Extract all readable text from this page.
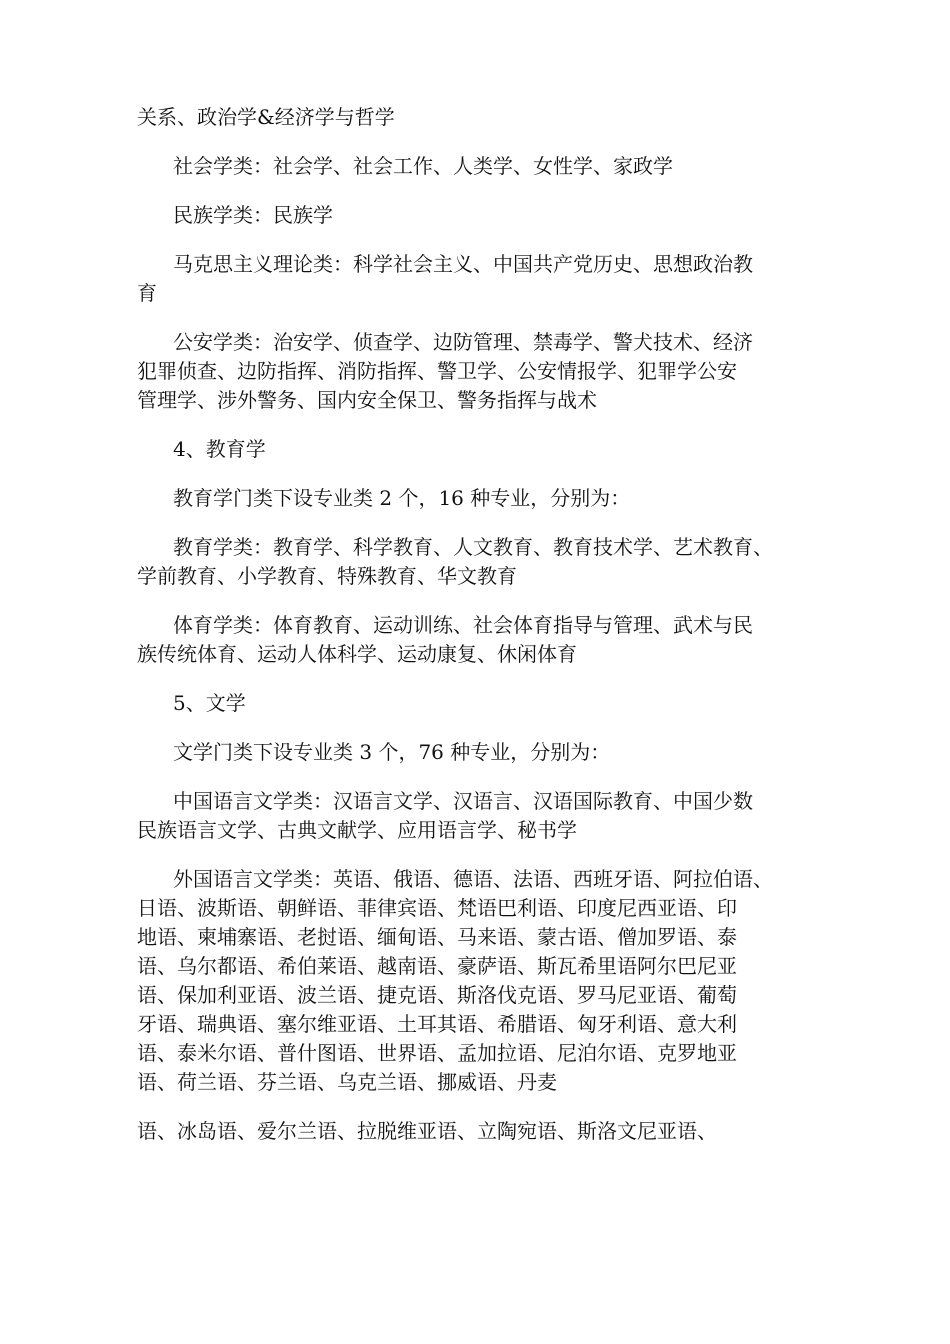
关系、政治学&经济学与哲学

社会学类：社会学、社会工作、人类学、女性学、家政学

民族学类：民族学

马克思主义理论类：科学社会主义、中国共产党历史、思想政治教
育

公安学类：治安学、侦查学、边防管理、禁毒学、警犬技术、经济
犯罪侦查、边防指挥、消防指挥、警卫学、公安情报学、犯罪学公安
管理学、涉外警务、国内安全保卫、警务指挥与战术

4、教育学

教育学门类下设专业类 2 个，16 种专业，分别为：

教育学类：教育学、科学教育、人文教育、教育技术学、艺术教育、
学前教育、小学教育、特殊教育、华文教育

体育学类：体育教育、运动训练、社会体育指导与管理、武术与民
族传统体育、运动人体科学、运动康复、休闲体育

5、文学

文学门类下设专业类 3 个，76 种专业，分别为：

中国语言文学类：汉语言文学、汉语言、汉语国际教育、中国少数
民族语言文学、古典文献学、应用语言学、秘书学

外国语言文学类：英语、俄语、德语、法语、西班牙语、阿拉伯语、
日语、波斯语、朝鲜语、菲律宾语、梵语巴利语、印度尼西亚语、印
地语、柬埔寨语、老挝语、缅甸语、马来语、蒙古语、僧加罗语、泰
语、乌尔都语、希伯莱语、越南语、豪萨语、斯瓦希里语阿尔巴尼亚
语、保加利亚语、波兰语、捷克语、斯洛伐克语、罗马尼亚语、葡萄
牙语、瑞典语、塞尔维亚语、土耳其语、希腊语、匈牙利语、意大利
语、泰米尔语、普什图语、世界语、孟加拉语、尼泊尔语、克罗地亚
语、荷兰语、芬兰语、乌克兰语、挪威语、丹麦

语、冰岛语、爱尔兰语、拉脱维亚语、立陶宛语、斯洛文尼亚语、
